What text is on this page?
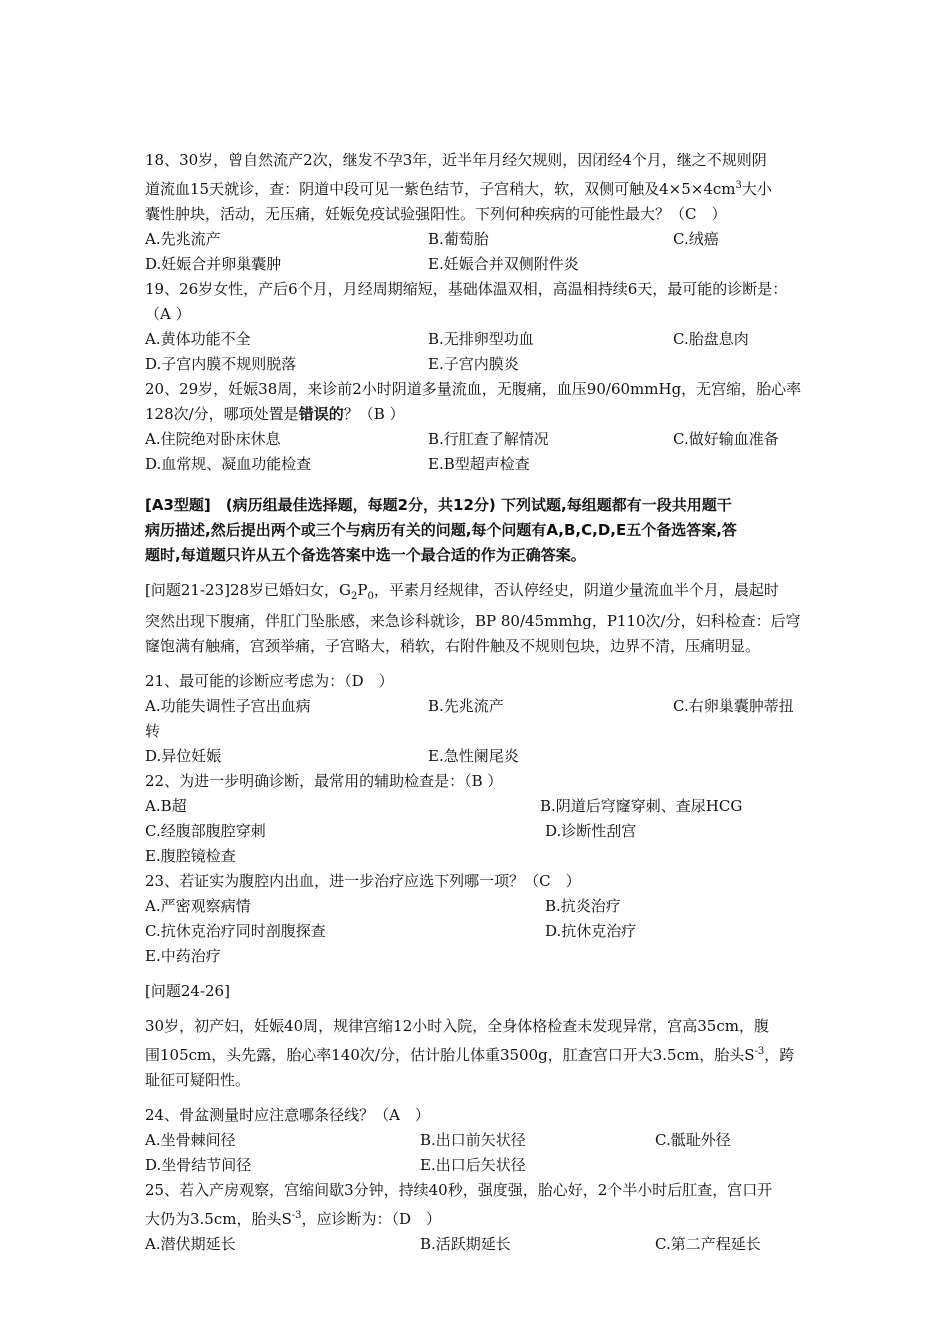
18、30岁，曾自然流产2次，继发不孕3年，近半年月经欠规则，因闭经4个月，继之不规则阴
道流血15天就诊，查：阴道中段可见一紫色结节，子宫稍大，软，双侧可触及$4\times 5\times 4cm^3$大小
囊性肿块，活动，无压痛，妊娠免疫试验强阳性。下列何种疾病的可能性最大？（C　）
A.先兆流产	B.葡萄胎	C.绒癌
D.妊娠合并卵巢囊肿	E.妊娠合并双侧附件炎
19、26岁女性，产后6个月，月经周期缩短，基础体温双相，高温相持续6天，最可能的诊断是：
（A ）
A.黄体功能不全	B.无排卵型功血	C.胎盘息肉
D.子宫内膜不规则脱落	E.子宫内膜炎
20、29岁，妊娠38周，来诊前2小时阴道多量流血，无腹痛，血压90/60mmHg，无宫缩，胎心率
128次/分，哪项处置是错误的？（B ）
A.住院绝对卧床休息	B.行肛查了解情况	C.做好输血准备
D.血常规、凝血功能检查	E.B型超声检查
[A3型题]　(病历组最佳选择题，每题2分，共12分) 下列试题,每组题都有一段共用题干
病历描述,然后提出两个或三个与病历有关的问题,每个问题有A,B,C,D,E五个备选答案,答
题时,每道题只许从五个备选答案中选一个最合适的作为正确答案。
[问题21-23]28岁已婚妇女，$G_2P_0$，平素月经规律，否认停经史，阴道少量流血半个月，晨起时
突然出现下腹痛，伴肛门坠胀感，来急诊科就诊，BP 80/45mmhg，P110次/分，妇科检查：后穹
窿饱满有触痛，宫颈举痛，子宫略大，稍软，右附件触及不规则包块，边界不清，压痛明显。
21、最可能的诊断应考虑为：（D　）
A.功能失调性子宫出血病	B.先兆流产	C.右卵巢囊肿蒂扭
转
D.异位妊娠	E.急性阑尾炎
22、为进一步明确诊断，最常用的辅助检查是：（B ）
A.B超	B.阴道后穹窿穿刺、查尿HCG
C.经腹部腹腔穿刺	D.诊断性刮宫
E.腹腔镜检查
23、若证实为腹腔内出血，进一步治疗应选下列哪一项？（C　）
A.严密观察病情	B.抗炎治疗
C.抗休克治疗同时剖腹探查	D.抗休克治疗
E.中药治疗
[问题24-26]
30岁，初产妇，妊娠40周，规律宫缩12小时入院，全身体格检查未发现异常，宫高35cm，腹
围105cm，头先露，胎心率140次/分，估计胎儿体重3500g，肛查宫口开大3.5cm，胎头$S^{-3}$，跨
耻征可疑阳性。
24、骨盆测量时应注意哪条径线？（A　）
A.坐骨棘间径	B.出口前矢状径	C.骶耻外径
D.坐骨结节间径	E.出口后矢状径
25、若入产房观察，宫缩间歇3分钟，持续40秒，强度强，胎心好，2个半小时后肛查，宫口开
大仍为3.5cm，胎头$S^{-3}$，应诊断为：（D　）
A.潜伏期延长	B.活跃期延长	C.第二产程延长
